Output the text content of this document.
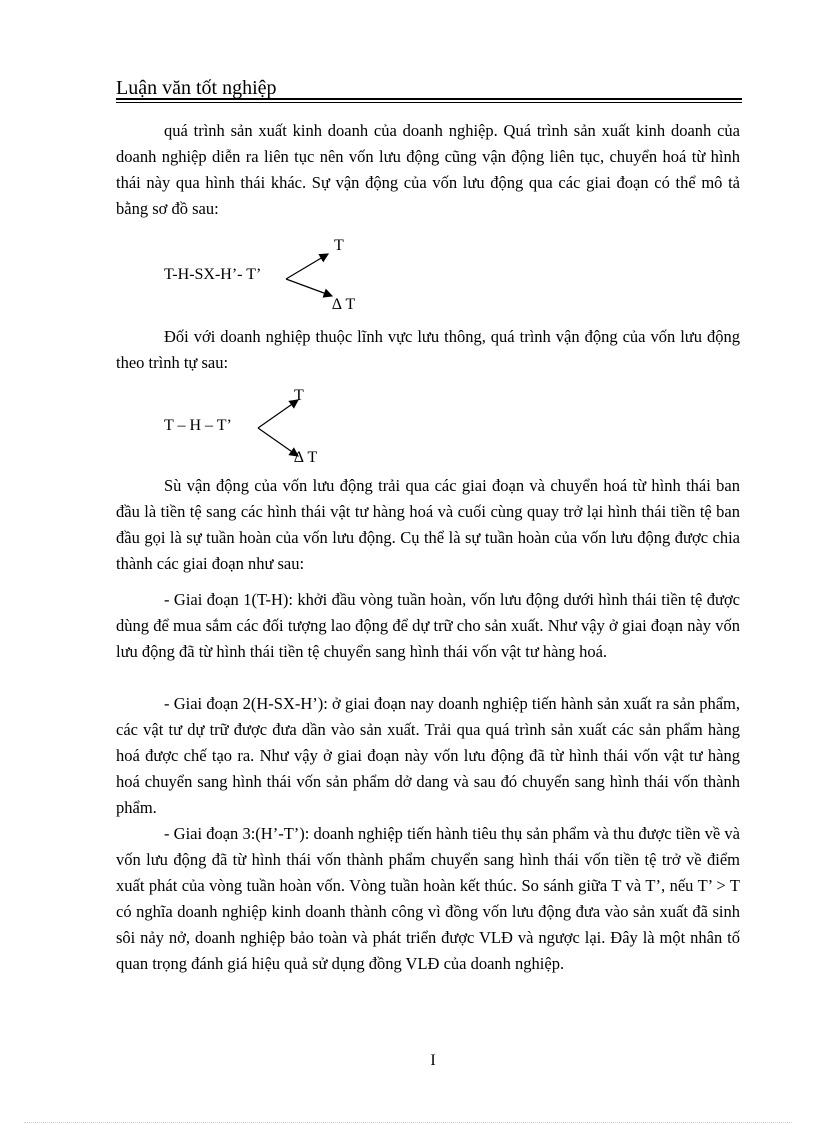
Luận văn tốt nghiệp

quá trình sản xuất kinh doanh của doanh nghiệp. Quá trình sản xuất kinh doanh của doanh nghiệp diễn ra liên tục nên vốn lưu động cũng vận động liên tục, chuyển hoá từ hình thái này qua hình thái khác. Sự vận động của vốn lưu động qua các giai đoạn có thể mô tả bằng sơ đồ sau:

T-H-SX-H’- T’
T
∆ T

Đối với doanh nghiệp thuộc lĩnh vực lưu thông, quá trình vận động của vốn lưu động theo trình tự sau:

T – H – T’
T
∆ T

Sù vận động của vốn lưu động trải qua các giai đoạn và chuyển hoá từ hình thái ban đầu là tiền tệ sang các hình thái vật tư hàng hoá và cuối cùng quay trở lại hình thái tiền tệ ban đầu gọi là sự tuần hoàn của vốn lưu động. Cụ thể là sự tuần hoàn của vốn lưu động được chia thành các giai đoạn như sau:

- Giai đoạn 1(T-H): khởi đầu vòng tuần hoàn, vốn lưu động dưới hình thái tiền tệ được dùng để mua sắm các đối tượng lao động để dự trữ cho sản xuất. Như vậy ở giai đoạn này vốn lưu động đã từ hình thái tiền tệ chuyển sang hình thái vốn vật tư hàng hoá.

- Giai đoạn 2(H-SX-H’): ở giai đoạn nay doanh nghiệp tiến hành sản xuất ra sản phẩm, các vật tư dự trữ được đưa dần vào sản xuất. Trải qua quá trình sản xuất các sản phẩm hàng hoá được chế tạo ra. Như vậy ở giai đoạn này vốn lưu động đã từ hình thái vốn vật tư hàng hoá chuyển sang hình thái vốn sản phẩm dở dang và sau đó chuyển sang hình thái vốn thành phẩm.

- Giai đoạn 3:(H’-T’): doanh nghiệp tiến hành tiêu thụ sản phẩm và thu được tiền về và vốn lưu động đã từ hình thái vốn thành phẩm chuyển sang hình thái vốn tiền tệ trở về điểm xuất phát của vòng tuần hoàn vốn. Vòng tuần hoàn kết thúc. So sánh giữa T và T’, nếu T’ > T có nghĩa doanh nghiệp kinh doanh thành công vì đồng vốn lưu động đưa vào sản xuất đã sinh sôi nảy nở, doanh nghiệp bảo toàn và phát triển được VLĐ và ngược lại. Đây là một nhân tố quan trọng đánh giá hiệu quả sử dụng đồng VLĐ của doanh nghiệp.

I
